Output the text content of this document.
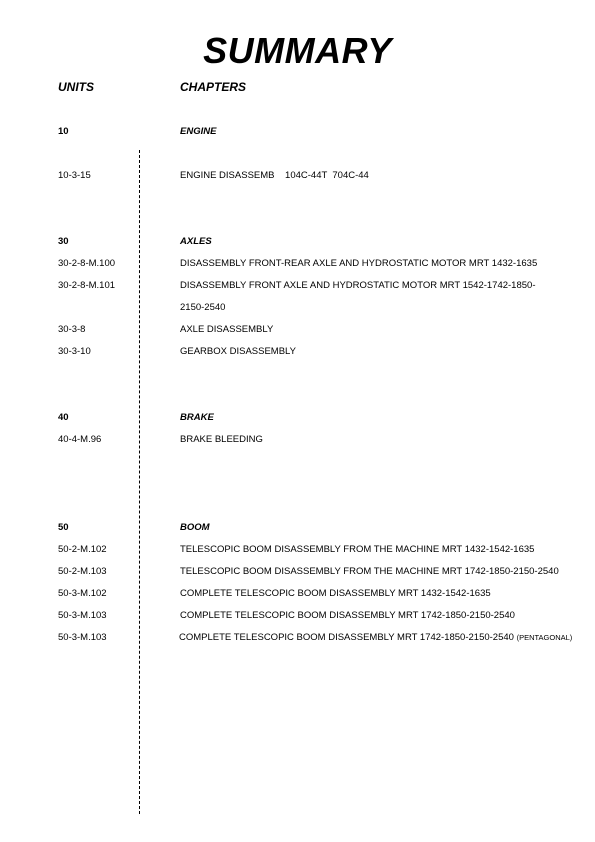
SUMMARY
UNITS	CHAPTERS
10	ENGINE
10-3-15	ENGINE DISASSEMB    104C-44T  704C-44
30	AXLES
30-2-8-M.100	DISASSEMBLY FRONT-REAR AXLE AND HYDROSTATIC MOTOR MRT 1432-1635
30-2-8-M.101	DISASSEMBLY FRONT AXLE AND HYDROSTATIC MOTOR MRT 1542-1742-1850-
2150-2540
30-3-8	AXLE DISASSEMBLY
30-3-10	GEARBOX DISASSEMBLY
40	BRAKE
40-4-M.96	BRAKE BLEEDING
50	BOOM
50-2-M.102	TELESCOPIC BOOM DISASSEMBLY FROM THE MACHINE MRT 1432-1542-1635
50-2-M.103	TELESCOPIC BOOM DISASSEMBLY FROM THE MACHINE MRT 1742-1850-2150-2540
50-3-M.102	COMPLETE TELESCOPIC BOOM DISASSEMBLY MRT 1432-1542-1635
50-3-M.103	COMPLETE TELESCOPIC BOOM DISASSEMBLY MRT 1742-1850-2150-2540
50-3-M.103	COMPLETE TELESCOPIC BOOM DISASSEMBLY MRT 1742-1850-2150-2540 (PENTAGONAL)
